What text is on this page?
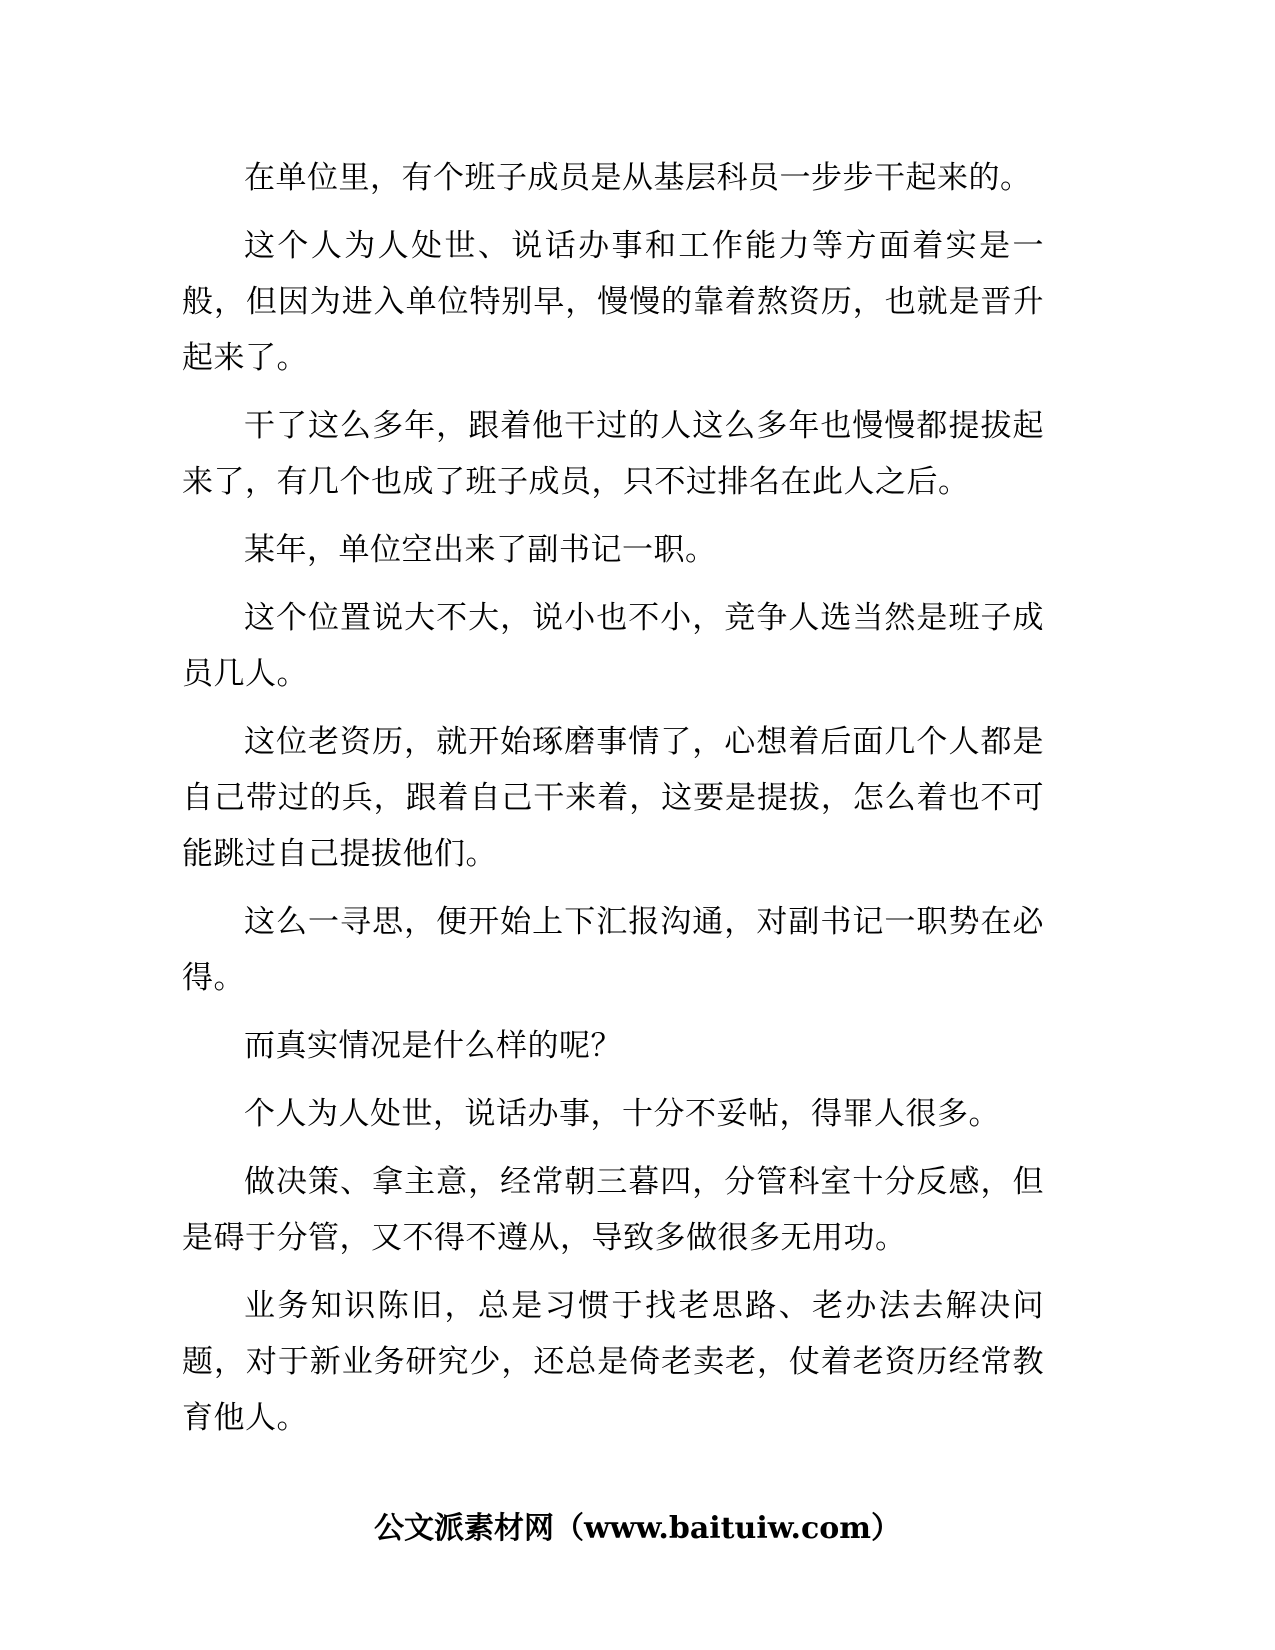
在单位里，有个班子成员是从基层科员一步步干起来的。

这个人为人处世、说话办事和工作能力等方面着实是一般，但因为进入单位特别早，慢慢的靠着熬资历，也就是晋升起来了。

干了这么多年，跟着他干过的人这么多年也慢慢都提拔起来了，有几个也成了班子成员，只不过排名在此人之后。

某年，单位空出来了副书记一职。

这个位置说大不大，说小也不小，竞争人选当然是班子成员几人。

这位老资历，就开始琢磨事情了，心想着后面几个人都是自己带过的兵，跟着自己干来着，这要是提拔，怎么着也不可能跳过自己提拔他们。

这么一寻思，便开始上下汇报沟通，对副书记一职势在必得。

而真实情况是什么样的呢？

个人为人处世，说话办事，十分不妥帖，得罪人很多。

做决策、拿主意，经常朝三暮四，分管科室十分反感，但是碍于分管，又不得不遵从，导致多做很多无用功。

业务知识陈旧，总是习惯于找老思路、老办法去解决问题，对于新业务研究少，还总是倚老卖老，仗着老资历经常教育他人。

公文派素材网（www.baituiw.com）
